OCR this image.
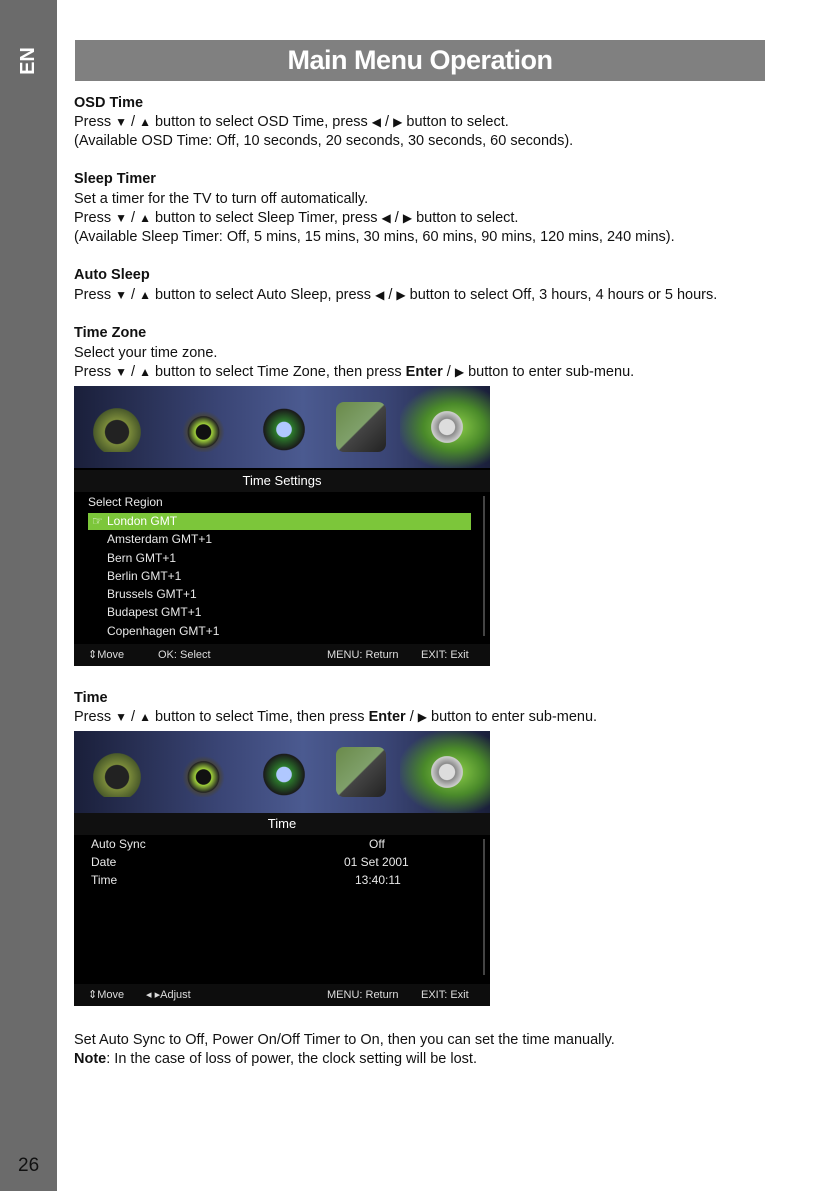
EN
26
Main Menu Operation
OSD Time
Press ▼ / ▲ button to select OSD Time, press ◀ / ▶ button to select.
(Available OSD Time: Off, 10 seconds, 20 seconds, 30 seconds, 60 seconds).
Sleep Timer
Set a timer for the TV to turn off automatically.
Press ▼ / ▲ button to select Sleep Timer, press ◀ / ▶ button to select.
(Available Sleep Timer: Off, 5 mins, 15 mins, 30 mins, 60 mins, 90 mins, 120 mins, 240 mins).
Auto Sleep
Press ▼ / ▲ button to select Auto Sleep, press ◀ / ▶ button to select Off, 3 hours, 4 hours or 5 hours.
Time Zone
Select your time zone.
Press ▼ / ▲ button to select Time Zone, then press Enter / ▶ button to enter sub-menu.
Time Settings
Select Region
☞ London GMT
Amsterdam GMT+1
Bern GMT+1
Berlin GMT+1
Brussels GMT+1
Budapest GMT+1
Copenhagen GMT+1
⇕ Move	OK: Select	MENU: Return EXIT: Exit
Time
Press ▼ / ▲ button to select Time, then press Enter / ▶ button to enter sub-menu.
Time
Auto Sync	Off
Date	01 Set 2001
Time	13:40:11
⇕ Move ◂ ▸ Adjust	MENU: Return EXIT: Exit
Set Auto Sync to Off, Power On/Off Timer to On, then you can set the time manually.
Note: In the case of loss of power, the clock setting will be lost.
